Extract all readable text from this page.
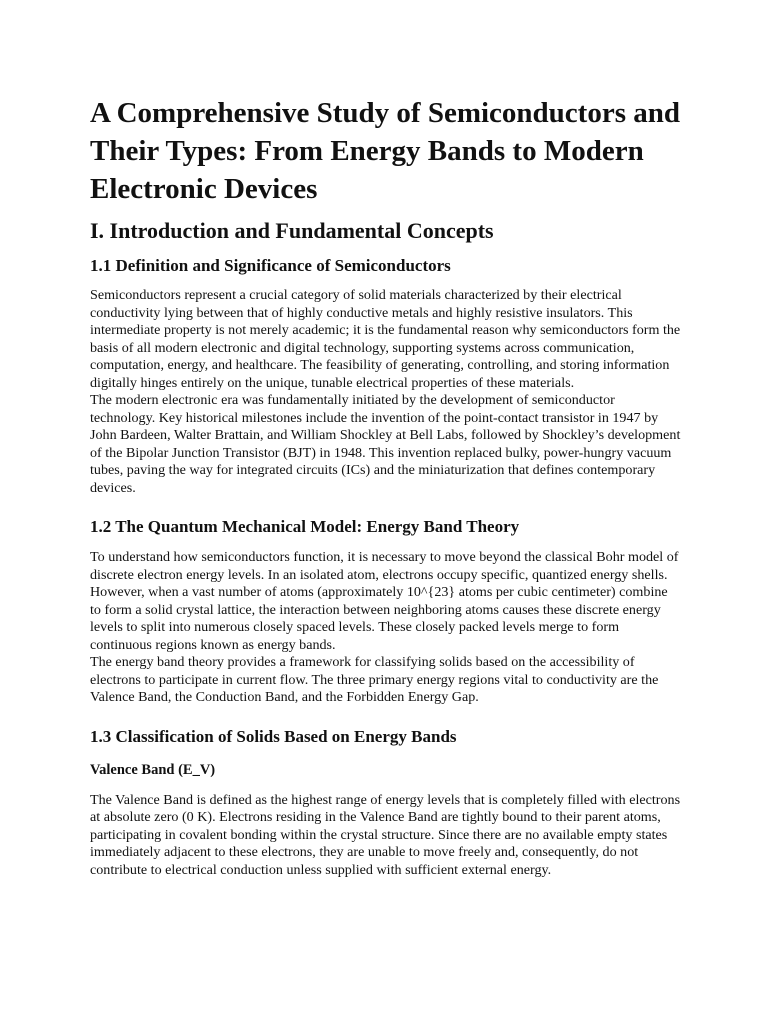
A Comprehensive Study of Semiconductors and Their Types: From Energy Bands to Modern Electronic Devices
I. Introduction and Fundamental Concepts
1.1 Definition and Significance of Semiconductors

Semiconductors represent a crucial category of solid materials characterized by their electrical conductivity lying between that of highly conductive metals and highly resistive insulators. This intermediate property is not merely academic; it is the fundamental reason why semiconductors form the basis of all modern electronic and digital technology, supporting systems across communication, computation, energy, and healthcare. The feasibility of generating, controlling, and storing information digitally hinges entirely on the unique, tunable electrical properties of these materials.

The modern electronic era was fundamentally initiated by the development of semiconductor technology. Key historical milestones include the invention of the point-contact transistor in 1947 by John Bardeen, Walter Brattain, and William Shockley at Bell Labs, followed by Shockley’s development of the Bipolar Junction Transistor (BJT) in 1948. This invention replaced bulky, power-hungry vacuum tubes, paving the way for integrated circuits (ICs) and the miniaturization that defines contemporary devices.

1.2 The Quantum Mechanical Model: Energy Band Theory

To understand how semiconductors function, it is necessary to move beyond the classical Bohr model of discrete electron energy levels. In an isolated atom, electrons occupy specific, quantized energy shells. However, when a vast number of atoms (approximately 10^{23} atoms per cubic centimeter) combine to form a solid crystal lattice, the interaction between neighboring atoms causes these discrete energy levels to split into numerous closely spaced levels. These closely packed levels merge to form continuous regions known as energy bands.

The energy band theory provides a framework for classifying solids based on the accessibility of electrons to participate in current flow. The three primary energy regions vital to conductivity are the Valence Band, the Conduction Band, and the Forbidden Energy Gap.

1.3 Classification of Solids Based on Energy Bands
Valence Band (E_V)

The Valence Band is defined as the highest range of energy levels that is completely filled with electrons at absolute zero (0 K). Electrons residing in the Valence Band are tightly bound to their parent atoms, participating in covalent bonding within the crystal structure. Since there are no available empty states immediately adjacent to these electrons, they are unable to move freely and, consequently, do not contribute to electrical conduction unless supplied with sufficient external energy.
